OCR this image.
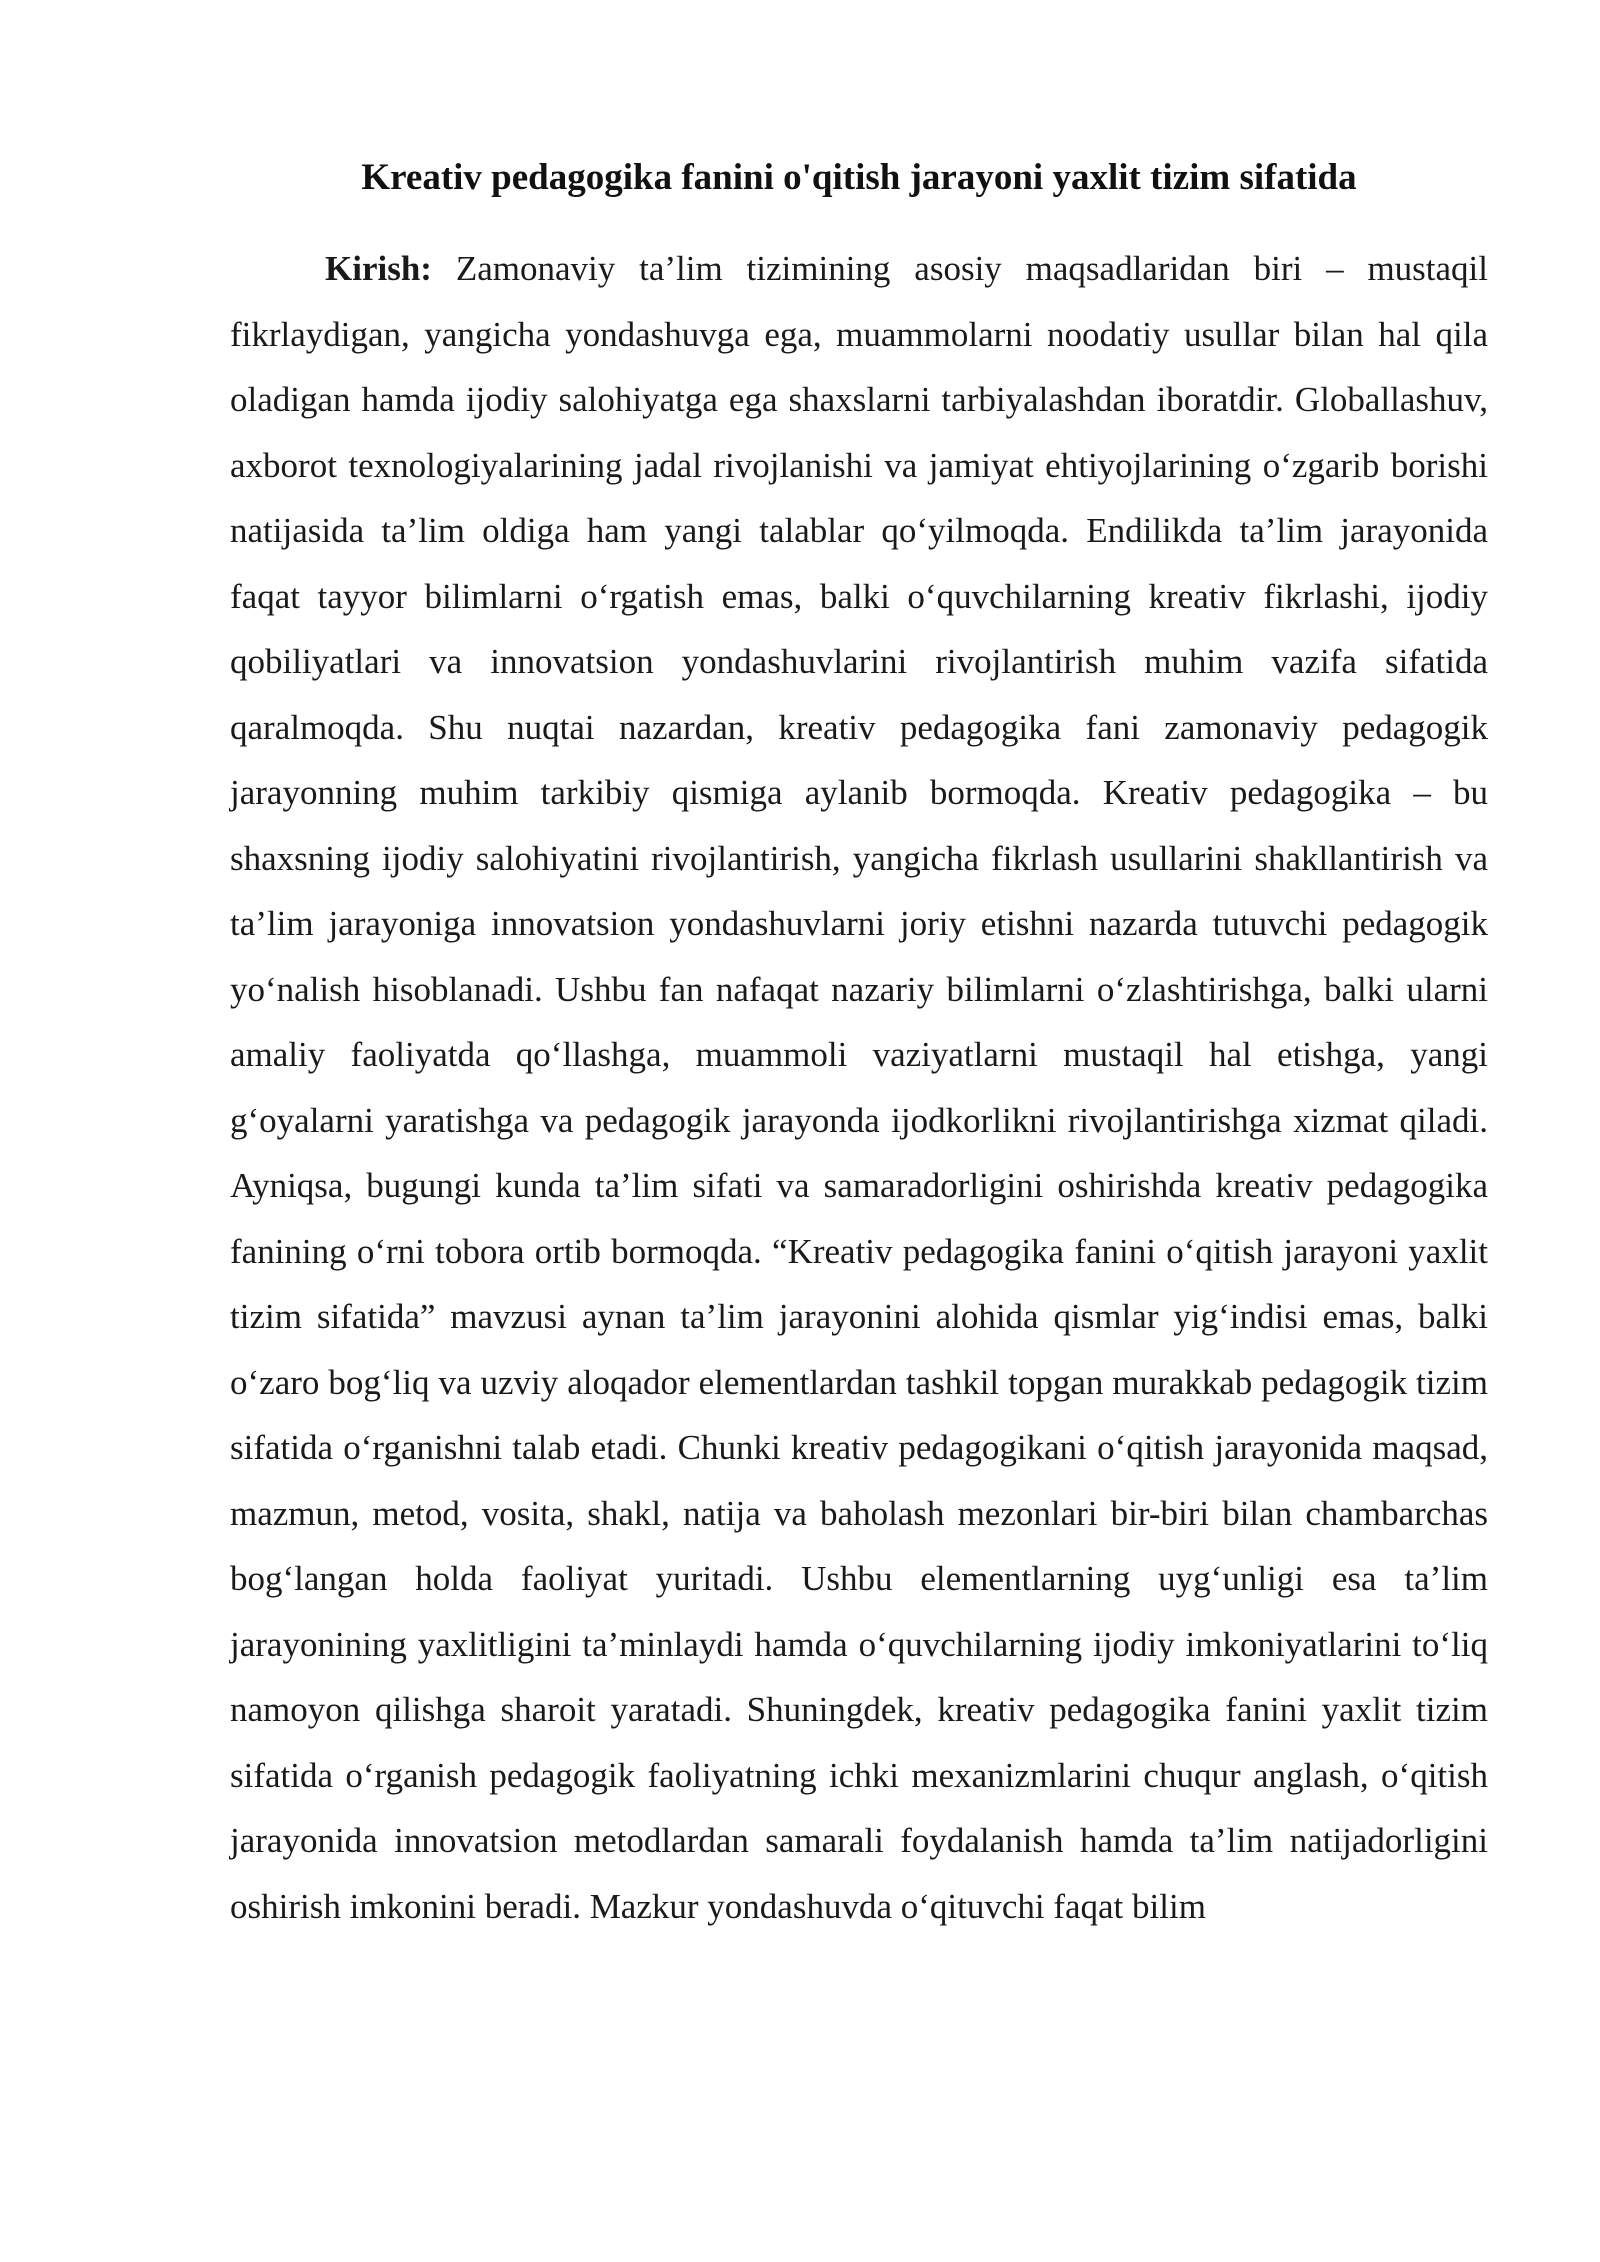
Kreativ pedagogika fanini o'qitish jarayoni yaxlit tizim sifatida

Kirish: Zamonaviy ta’lim tizimining asosiy maqsadlaridan biri – mustaqil fikrlaydigan, yangicha yondashuvga ega, muammolarni noodatiy usullar bilan hal qila oladigan hamda ijodiy salohiyatga ega shaxslarni tarbiyalashdan iboratdir. Globallashuv, axborot texnologiyalarining jadal rivojlanishi va jamiyat ehtiyojlarining o‘zgarib borishi natijasida ta’lim oldiga ham yangi talablar qo‘yilmoqda. Endilikda ta’lim jarayonida faqat tayyor bilimlarni o‘rgatish emas, balki o‘quvchilarning kreativ fikrlashi, ijodiy qobiliyatlari va innovatsion yondashuvlarini rivojlantirish muhim vazifa sifatida qaralmoqda. Shu nuqtai nazardan, kreativ pedagogika fani zamonaviy pedagogik jarayonning muhim tarkibiy qismiga aylanib bormoqda. Kreativ pedagogika – bu shaxsning ijodiy salohiyatini rivojlantirish, yangicha fikrlash usullarini shakllantirish va ta’lim jarayoniga innovatsion yondashuvlarni joriy etishni nazarda tutuvchi pedagogik yo‘nalish hisoblanadi. Ushbu fan nafaqat nazariy bilimlarni o‘zlashtirishga, balki ularni amaliy faoliyatda qo‘llashga, muammoli vaziyatlarni mustaqil hal etishga, yangi g‘oyalarni yaratishga va pedagogik jarayonda ijodkorlikni rivojlantirishga xizmat qiladi. Ayniqsa, bugungi kunda ta’lim sifati va samaradorligini oshirishda kreativ pedagogika fanining o‘rni tobora ortib bormoqda. “Kreativ pedagogika fanini o‘qitish jarayoni yaxlit tizim sifatida” mavzusi aynan ta’lim jarayonini alohida qismlar yig‘indisi emas, balki o‘zaro bog‘liq va uzviy aloqador elementlardan tashkil topgan murakkab pedagogik tizim sifatida o‘rganishni talab etadi. Chunki kreativ pedagogikani o‘qitish jarayonida maqsad, mazmun, metod, vosita, shakl, natija va baholash mezonlari bir-biri bilan chambarchas bog‘langan holda faoliyat yuritadi. Ushbu elementlarning uyg‘unligi esa ta’lim jarayonining yaxlitligini ta’minlaydi hamda o‘quvchilarning ijodiy imkoniyatlarini to‘liq namoyon qilishga sharoit yaratadi. Shuningdek, kreativ pedagogika fanini yaxlit tizim sifatida o‘rganish pedagogik faoliyatning ichki mexanizmlarini chuqur anglash, o‘qitish jarayonida innovatsion metodlardan samarali foydalanish hamda ta’lim natijadorligini oshirish imkonini beradi. Mazkur yondashuvda o‘qituvchi faqat bilim
